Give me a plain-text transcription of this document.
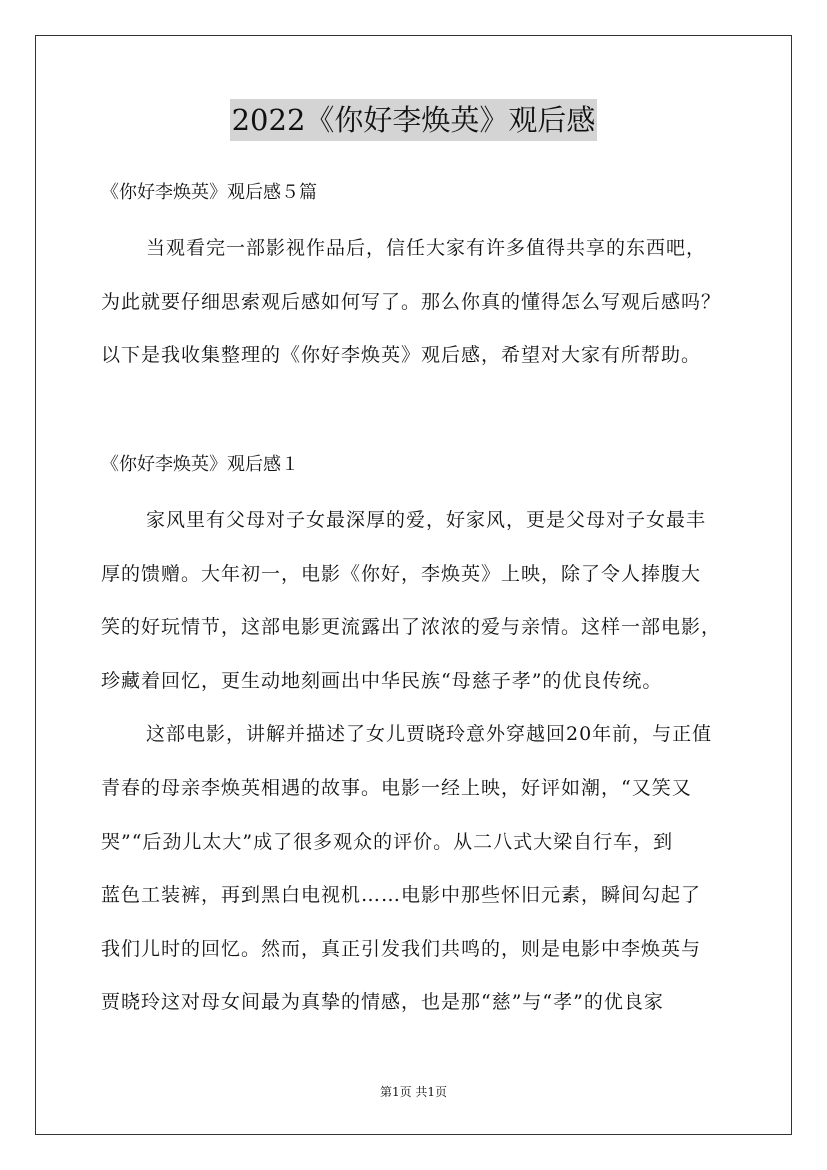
2022《你好李焕英》观后感
《你好李焕英》观后感５篇
当观看完一部影视作品后，信任大家有许多值得共享的东西吧，
为此就要仔细思索观后感如何写了。那么你真的懂得怎么写观后感吗？
以下是我收集整理的《你好李焕英》观后感，希望对大家有所帮助。
《你好李焕英》观后感１
家风里有父母对子女最深厚的爱，好家风，更是父母对子女最丰
厚的馈赠。大年初一，电影《你好，李焕英》上映，除了令人捧腹大
笑的好玩情节，这部电影更流露出了浓浓的爱与亲情。这样一部电影，
珍藏着回忆，更生动地刻画出中华民族“母慈子孝”的优良传统。
这部电影，讲解并描述了女儿贾晓玲意外穿越回20年前，与正值
青春的母亲李焕英相遇的故事。电影一经上映，好评如潮，“又笑又
哭”“后劲儿太大”成了很多观众的评价。从二八式大梁自行车，到
蓝色工装裤，再到黑白电视机……电影中那些怀旧元素，瞬间勾起了
我们儿时的回忆。然而，真正引发我们共鸣的，则是电影中李焕英与
贾晓玲这对母女间最为真挚的情感，也是那“慈”与“孝”的优良家
第1页 共1页
